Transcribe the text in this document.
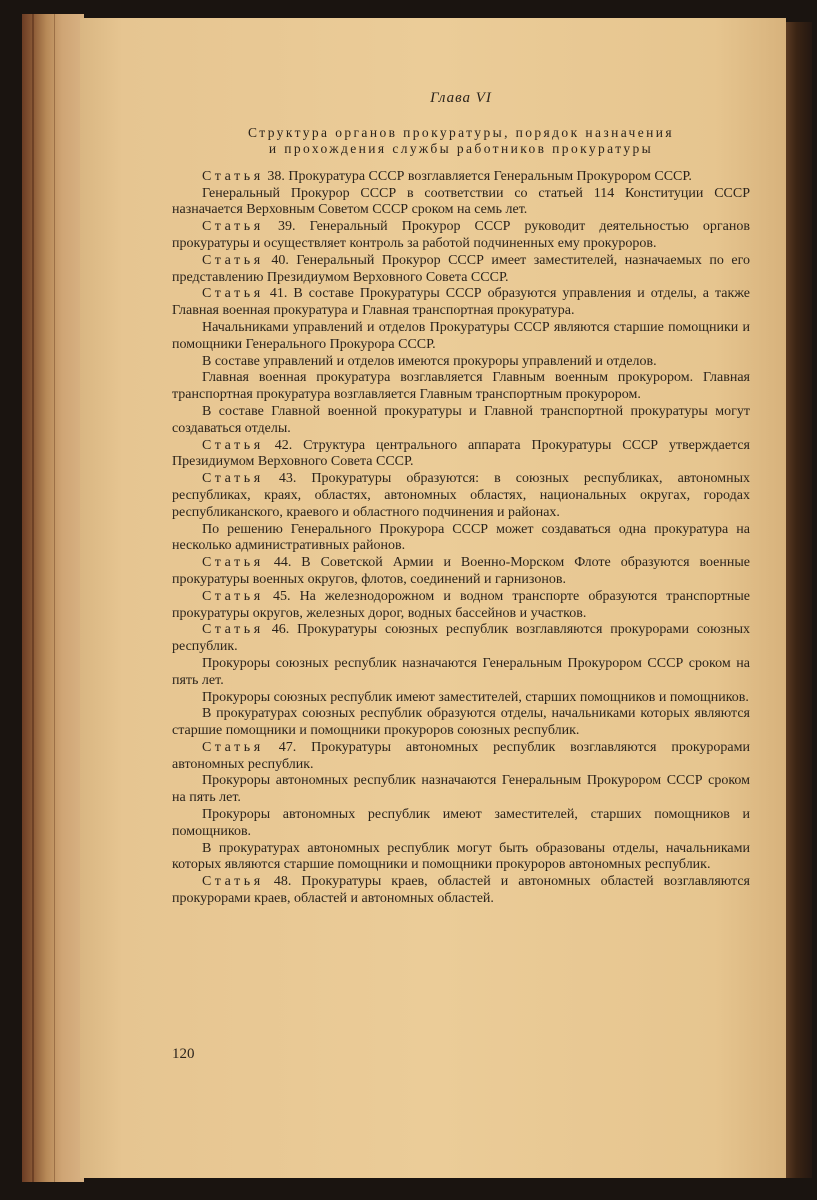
Глава VI
Структура органов прокуратуры, порядок назначения
и прохождения службы работников прокуратуры

Статья 38. Прокуратура СССР возглавляется Генеральным Прокурором СССР.

Генеральный Прокурор СССР в соответствии со статьей 114 Конституции СССР назначается Верховным Советом СССР сроком на семь лет.

Статья 39. Генеральный Прокурор СССР руководит деятельностью органов прокуратуры и осуществляет контроль за работой подчиненных ему прокуроров.

Статья 40. Генеральный Прокурор СССР имеет заместителей, назначаемых по его представлению Президиумом Верховного Совета СССР.

Статья 41. В составе Прокуратуры СССР образуются управления и отделы, а также Главная военная прокуратура и Главная транспортная прокуратура.

Начальниками управлений и отделов Прокуратуры СССР являются старшие помощники и помощники Генерального Прокурора СССР.

В составе управлений и отделов имеются прокуроры управлений и отделов.

Главная военная прокуратура возглавляется Главным военным прокурором. Главная транспортная прокуратура возглавляется Главным транспортным прокурором.

В составе Главной военной прокуратуры и Главной транспортной прокуратуры могут создаваться отделы.

Статья 42. Структура центрального аппарата Прокуратуры СССР утверждается Президиумом Верховного Совета СССР.

Статья 43. Прокуратуры образуются: в союзных республиках, автономных республиках, краях, областях, автономных областях, национальных округах, городах республиканского, краевого и областного подчинения и районах.

По решению Генерального Прокурора СССР может создаваться одна прокуратура на несколько административных районов.

Статья 44. В Советской Армии и Военно-Морском Флоте образуются военные прокуратуры военных округов, флотов, соединений и гарнизонов.

Статья 45. На железнодорожном и водном транспорте образуются транспортные прокуратуры округов, железных дорог, водных бассейнов и участков.

Статья 46. Прокуратуры союзных республик возглавляются прокурорами союзных республик.

Прокуроры союзных республик назначаются Генеральным Прокурором СССР сроком на пять лет.

Прокуроры союзных республик имеют заместителей, старших помощников и помощников.

В прокуратурах союзных республик образуются отделы, начальниками которых являются старшие помощники и помощники прокуроров союзных республик.

Статья 47. Прокуратуры автономных республик возглавляются прокурорами автономных республик.

Прокуроры автономных республик назначаются Генеральным Прокурором СССР сроком на пять лет.

Прокуроры автономных республик имеют заместителей, старших помощников и помощников.

В прокуратурах автономных республик могут быть образованы отделы, начальниками которых являются старшие помощники и помощники прокуроров автономных республик.

Статья 48. Прокуратуры краев, областей и автономных областей возглавляются прокурорами краев, областей и автономных областей.

120
